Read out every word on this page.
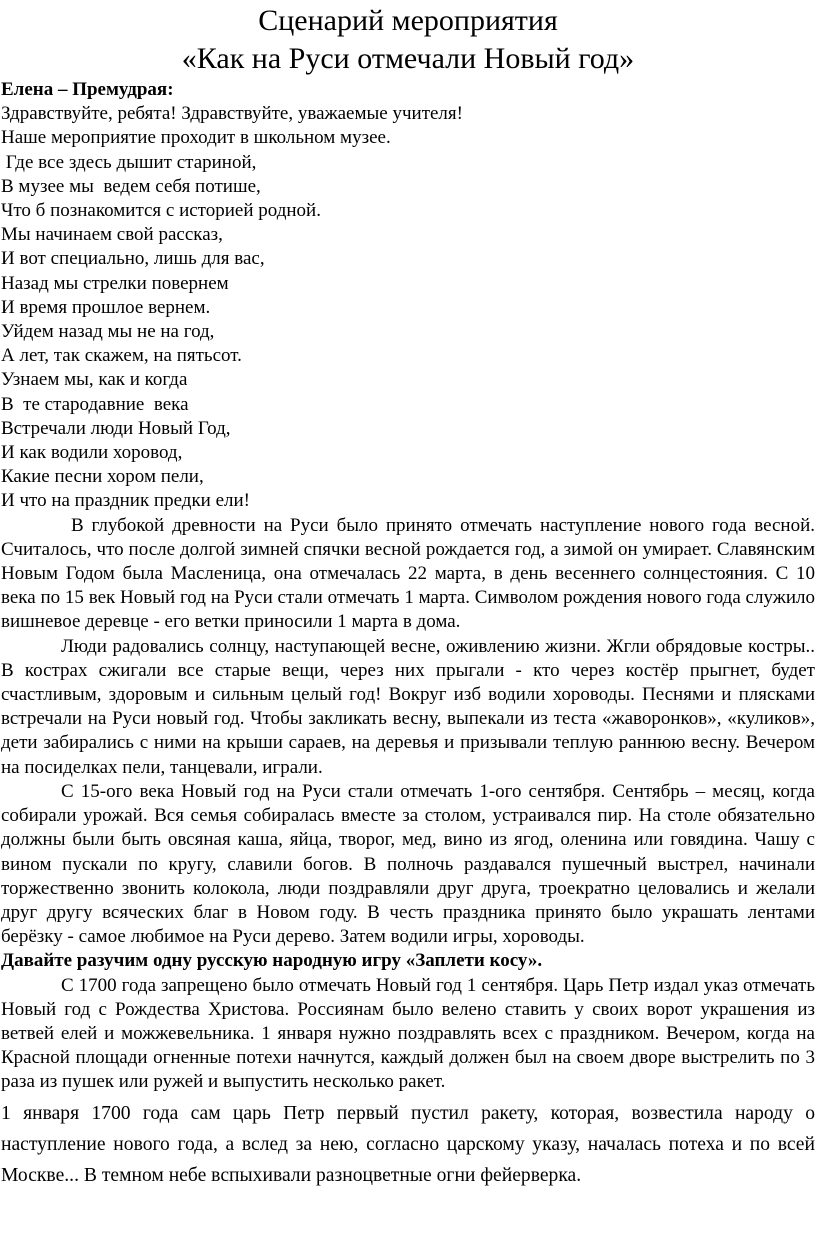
Сценарий мероприятия
«Как на Руси отмечали Новый год»
Елена – Премудрая:
Здравствуйте, ребята! Здравствуйте, уважаемые учителя!
Наше мероприятие проходит в школьном музее.
Где все здесь дышит стариной,
В музее мы  ведем себя потише,
Что б познакомится с историей родной.
Мы начинаем свой рассказ,
И вот специально, лишь для вас,
Назад мы стрелки повернем
И время прошлое вернем.
Уйдем назад мы не на год,
А лет, так скажем, на пятьсот.
Узнаем мы, как и когда
В  те стародавние  века
Встречали люди Новый Год,
И как водили хоровод,
Какие песни хором пели,
И что на праздник предки ели!

В глубокой древности на Руси было принято отмечать наступление нового года весной. Считалось, что после долгой зимней спячки весной рождается год, а зимой он умирает. Славянским Новым Годом была Масленица, она отмечалась 22 марта, в день весеннего солнцестояния. С 10 века по 15 век Новый год на Руси стали отмечать 1 марта. Символом рождения нового года служило вишневое деревце - его ветки приносили 1 марта в дома.

Люди радовались солнцу, наступающей весне, оживлению жизни. Жгли обрядовые костры.. В кострах сжигали все старые вещи, через них прыгали - кто через костёр прыгнет, будет счастливым, здоровым и сильным целый год! Вокруг изб водили хороводы. Песнями и плясками встречали на Руси новый год. Чтобы закликать весну, выпекали из теста «жаворонков», «куликов», дети забирались с ними на крыши сараев, на деревья и призывали теплую раннюю весну. Вечером на посиделках пели, танцевали, играли.

С 15-ого века Новый год на Руси стали отмечать 1-ого сентября. Сентябрь – месяц, когда собирали урожай. Вся семья собиралась вместе за столом, устраивался пир. На столе обязательно должны были быть овсяная каша, яйца, творог, мед, вино из ягод, оленина или говядина. Чашу с вином пускали по кругу, славили богов. В полночь раздавался пушечный выстрел, начинали торжественно звонить колокола, люди поздравляли друг друга, троекратно целовались и желали друг другу всяческих благ в Новом году. В честь праздника принято было украшать лентами берёзку - самое любимое на Руси дерево. Затем водили игры, хороводы.

Давайте разучим одну русскую народную игру «Заплети косу».

С 1700 года запрещено было отмечать Новый год 1 сентября. Царь Петр издал указ отмечать Новый год с Рождества Христова. Россиянам было велено ставить у своих ворот украшения из ветвей елей и можжевельника. 1 января нужно поздравлять всех с праздником. Вечером, когда на Красной площади огненные потехи начнутся, каждый должен был на своем дворе выстрелить по 3 раза из пушек или ружей и выпустить несколько ракет.

1 января 1700 года сам царь Петр первый пустил ракету, которая, возвестила народу о наступление нового года, а вслед за нею, согласно царскому указу, началась потеха и по всей Москве... В темном небе вспыхивали разноцветные огни фейерверка.
